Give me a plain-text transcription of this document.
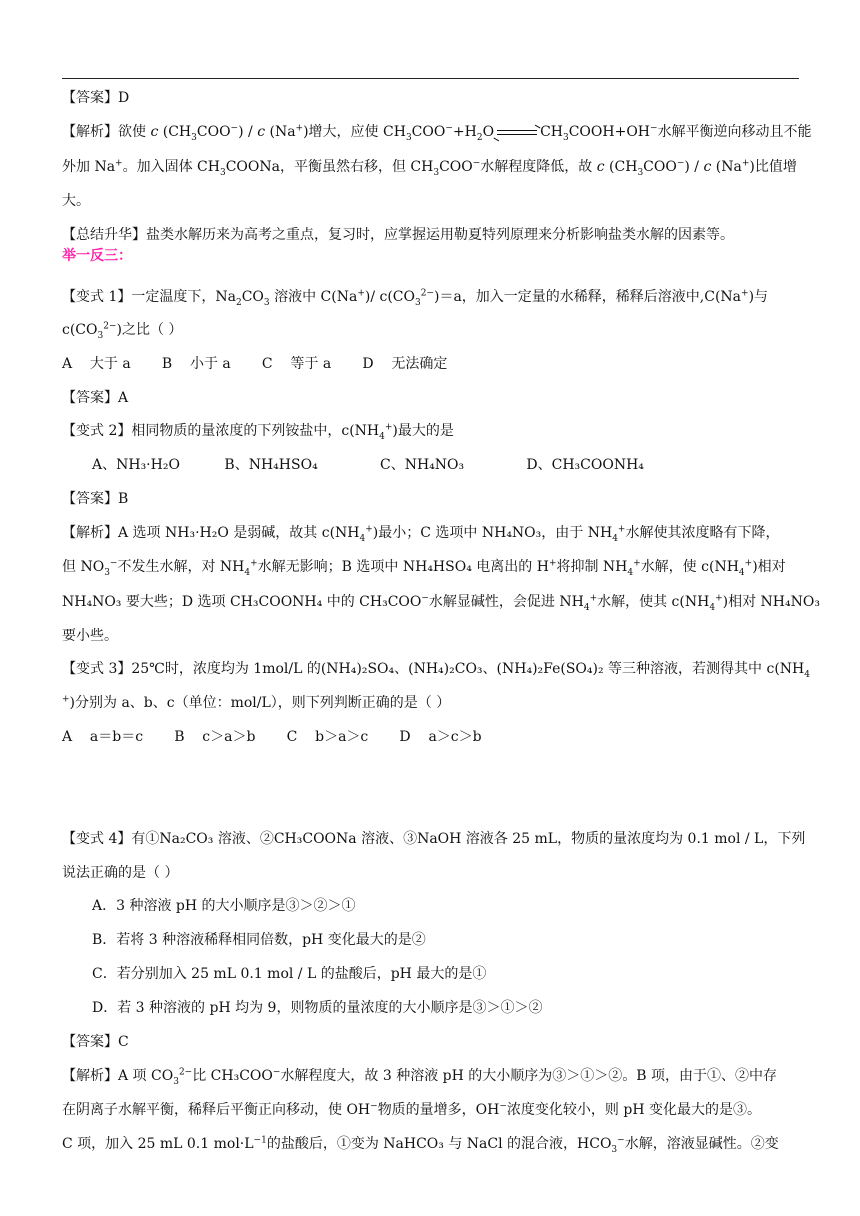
【答案】D
【解析】欲使 c $(CH_3COO^-)$ / c (Na+)增大，应使 $CH_3COO^-+H_2O$	$CH_3COOH+OH^-$水解平衡逆向移动且不能
外加 Na+。加入固体 $CH_3COONa$，平衡虽然右移，但 $CH_3COO^-$水解程度降低，故 c $(CH_3COO^-)$ / c (Na+)比值增
大。
【总结升华】盐类水解历来为高考之重点，复习时，应掌握运用勒夏特列原理来分析影响盐类水解的因素等。
举一反三：
【变式 1】一定温度下，$Na_2CO_3$ 溶液中 C(Na+)/ $c(CO_3^{2-})=a$，加入一定量的水稀释，稀释后溶液中,C(Na+)与
$c(CO_3^{2-})$之比（ ）
A    大于 a       B    小于 a       C    等于 a       D    无法确定
【答案】A
【变式 2】相同物质的量浓度的下列铵盐中，$c(NH_4^+)$最大的是
A、NH₃·H₂O          B、NH₄HSO₄              C、NH₄NO₃              D、CH₃COONH₄
【答案】B
【解析】A 选项 NH₃·H₂O 是弱碱，故其 $c(NH_4^+)$最小；C 选项中 NH₄NO₃，由于 $NH_4^+$水解使其浓度略有下降，
但 $NO_3^-$不发生水解，对 $NH_4^+$水解无影响；B 选项中 NH₄HSO₄ 电离出的 H+将抑制 $NH_4^+$水解，使 $c(NH_4^+)$相对
NH₄NO₃ 要大些；D 选项 CH₃COONH₄ 中的 CH₃COO−水解显碱性，会促进 $NH_4^+$水解，使其 $c(NH_4^+)$相对 NH₄NO₃
要小些。
【变式 3】25℃时，浓度均为 1mol/L 的(NH₄)₂SO₄、(NH₄)₂CO₃、(NH₄)₂Fe(SO₄)₂ 等三种溶液，若测得其中 $c(NH_4$
+)分别为 a、b、c（单位：mol/L），则下列判断正确的是（ ）
A    a＝b＝c       B    c＞a＞b       C    b＞a＞c       D    a＞c＞b
【变式 4】有①Na₂CO₃ 溶液、②CH₃COONa 溶液、③NaOH 溶液各 25 mL，物质的量浓度均为 0.1 mol / L，下列
说法正确的是（ ）
A．3 种溶液 pH 的大小顺序是③＞②＞①
B．若将 3 种溶液稀释相同倍数，pH 变化最大的是②
C．若分别加入 25 mL 0.1 mol / L 的盐酸后，pH 最大的是①
D．若 3 种溶液的 pH 均为 9，则物质的量浓度的大小顺序是③＞①＞②
【答案】C
【解析】A 项 $CO_3^{2-}$比 CH₃COO−水解程度大，故 3 种溶液 pH 的大小顺序为③＞①＞②。B 项，由于①、②中存
在阴离子水解平衡，稀释后平衡正向移动，使 OH−物质的量增多，OH−浓度变化较小，则 pH 变化最大的是③。
C 项，加入 25 mL 0.1 $mol\cdot L^{-1}$的盐酸后，①变为 NaHCO₃ 与 NaCl 的混合液，$HCO_3^-$水解，溶液显碱性。②变
